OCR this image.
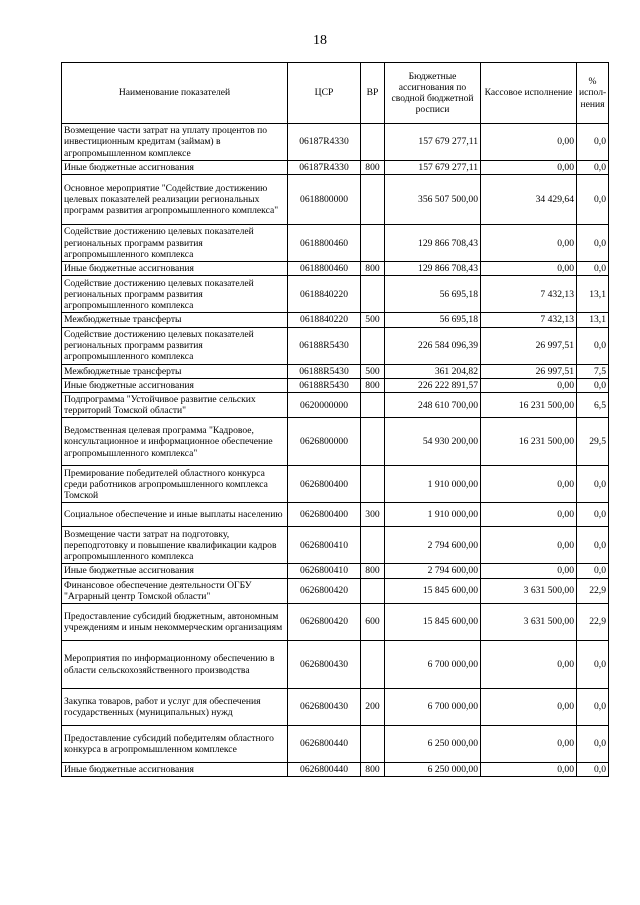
18
Наименование показателей	ЦСР	ВР	Бюджетные ассигнования по сводной бюджетной росписи	Кассовое исполнение	% испол-нения
Возмещение части затрат на уплату процентов по инвестиционным кредитам (займам) в агропромышленном комплексе	06187R4330		157 679 277,11	0,00	0,0
Иные бюджетные ассигнования	06187R4330	800	157 679 277,11	0,00	0,0
Основное мероприятие "Содействие достижению целевых показателей реализации региональных программ развития агропромышленного комплекса"	0618800000		356 507 500,00	34 429,64	0,0
Содействие достижению целевых показателей региональных программ развития агропромышленного комплекса	0618800460		129 866 708,43	0,00	0,0
Иные бюджетные ассигнования	0618800460	800	129 866 708,43	0,00	0,0
Содействие достижению целевых показателей региональных программ развития агропромышленного комплекса	0618840220		56 695,18	7 432,13	13,1
Межбюджетные трансферты	0618840220	500	56 695,18	7 432,13	13,1
Содействие достижению целевых показателей региональных программ развития агропромышленного комплекса	06188R5430		226 584 096,39	26 997,51	0,0
Межбюджетные трансферты	06188R5430	500	361 204,82	26 997,51	7,5
Иные бюджетные ассигнования	06188R5430	800	226 222 891,57	0,00	0,0
Подпрограмма "Устойчивое развитие сельских территорий Томской области"	0620000000		248 610 700,00	16 231 500,00	6,5
Ведомственная целевая программа "Кадровое, консультационное и информационное обеспечение агропромышленного комплекса"	0626800000		54 930 200,00	16 231 500,00	29,5
Премирование победителей областного конкурса среди работников агропромышленного комплекса Томской	0626800400		1 910 000,00	0,00	0,0
Социальное обеспечение и иные выплаты населению	0626800400	300	1 910 000,00	0,00	0,0
Возмещение части затрат на подготовку, переподготовку и повышение квалификации кадров агропромышленного комплекса	0626800410		2 794 600,00	0,00	0,0
Иные бюджетные ассигнования	0626800410	800	2 794 600,00	0,00	0,0
Финансовое обеспечение деятельности ОГБУ "Аграрный центр Томской области"	0626800420		15 845 600,00	3 631 500,00	22,9
Предоставление субсидий бюджетным, автономным учреждениям и иным некоммерческим организациям	0626800420	600	15 845 600,00	3 631 500,00	22,9
Мероприятия по информационному обеспечению в области сельскохозяйственного производства	0626800430		6 700 000,00	0,00	0,0
Закупка товаров, работ и услуг для обеспечения государственных (муниципальных) нужд	0626800430	200	6 700 000,00	0,00	0,0
Предоставление субсидий победителям областного конкурса в агропромышленном комплексе	0626800440		6 250 000,00	0,00	0,0
Иные бюджетные ассигнования	0626800440	800	6 250 000,00	0,00	0,0
